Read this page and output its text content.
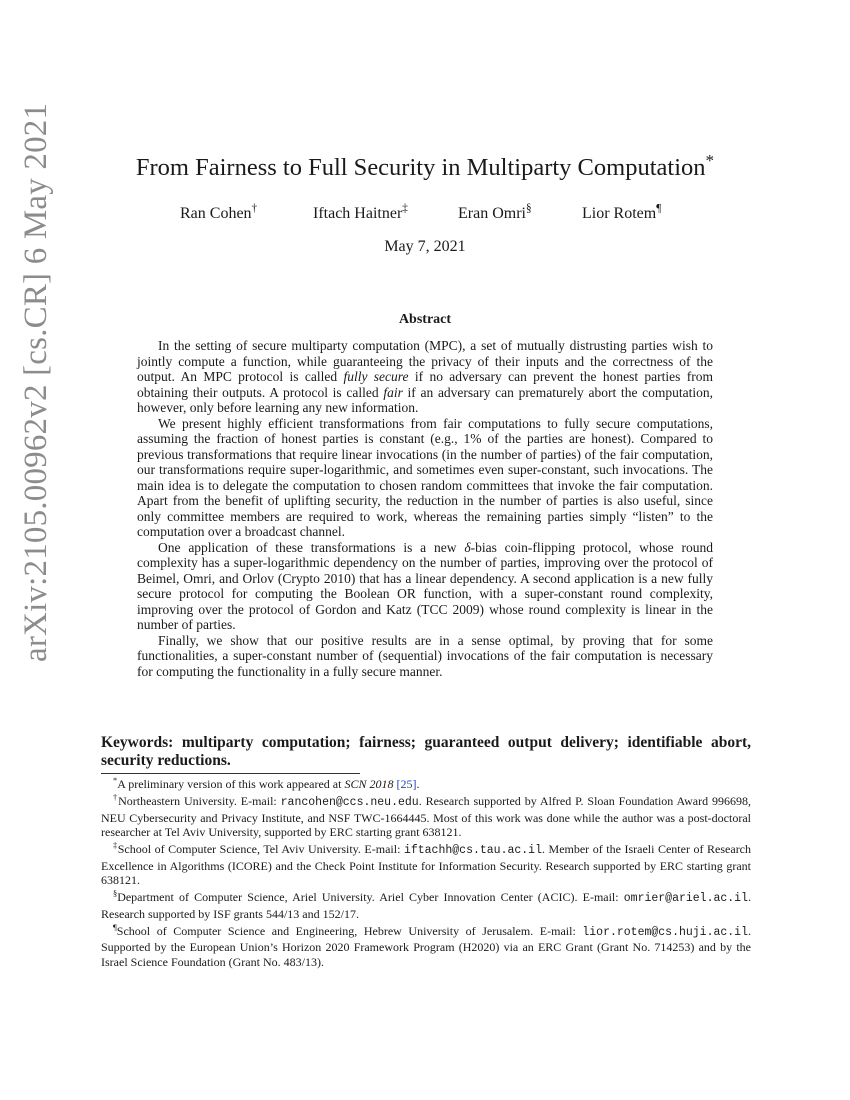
arXiv:2105.00962v2 [cs.CR] 6 May 2021	From Fairness to Full Security in Multiparty Computation*
Ran Cohen†	Iftach Haitner‡	Eran Omri§	Lior Rotem¶
May 7, 2021
Abstract

In the setting of secure multiparty computation (MPC), a set of mutually distrusting parties wish to jointly compute a function, while guaranteeing the privacy of their inputs and the correctness of the output. An MPC protocol is called fully secure if no adversary can prevent the honest parties from obtaining their outputs. A protocol is called fair if an adversary can prematurely abort the computation, however, only before learning any new information.

We present highly efficient transformations from fair computations to fully secure computations, assuming the fraction of honest parties is constant (e.g., 1% of the parties are honest). Compared to previous transformations that require linear invocations (in the number of parties) of the fair computation, our transformations require super-logarithmic, and sometimes even super-constant, such invocations. The main idea is to delegate the computation to chosen random committees that invoke the fair computation. Apart from the benefit of uplifting security, the reduction in the number of parties is also useful, since only committee members are required to work, whereas the remaining parties simply “listen” to the computation over a broadcast channel.

One application of these transformations is a new δ-bias coin-flipping protocol, whose round complexity has a super-logarithmic dependency on the number of parties, improving over the protocol of Beimel, Omri, and Orlov (Crypto 2010) that has a linear dependency. A second application is a new fully secure protocol for computing the Boolean OR function, with a super-constant round complexity, improving over the protocol of Gordon and Katz (TCC 2009) whose round complexity is linear in the number of parties.

Finally, we show that our positive results are in a sense optimal, by proving that for some functionalities, a super-constant number of (sequential) invocations of the fair computation is necessary for computing the functionality in a fully secure manner.

Keywords: multiparty computation; fairness; guaranteed output delivery; identifiable abort, security reductions.

*A preliminary version of this work appeared at SCN 2018 [25].

†Northeastern University. E-mail: rancohen@ccs.neu.edu. Research supported by Alfred P. Sloan Foundation Award 996698, NEU Cybersecurity and Privacy Institute, and NSF TWC-1664445. Most of this work was done while the author was a post-doctoral researcher at Tel Aviv University, supported by ERC starting grant 638121.

‡School of Computer Science, Tel Aviv University. E-mail: iftachh@cs.tau.ac.il. Member of the Israeli Center of Research Excellence in Algorithms (ICORE) and the Check Point Institute for Information Security. Research supported by ERC starting grant 638121.

§Department of Computer Science, Ariel University. Ariel Cyber Innovation Center (ACIC). E-mail: omrier@ariel.ac.il. Research supported by ISF grants 544/13 and 152/17.

¶School of Computer Science and Engineering, Hebrew University of Jerusalem. E-mail: lior.rotem@cs.huji.ac.il. Supported by the European Union’s Horizon 2020 Framework Program (H2020) via an ERC Grant (Grant No. 714253) and by the Israel Science Foundation (Grant No. 483/13).
